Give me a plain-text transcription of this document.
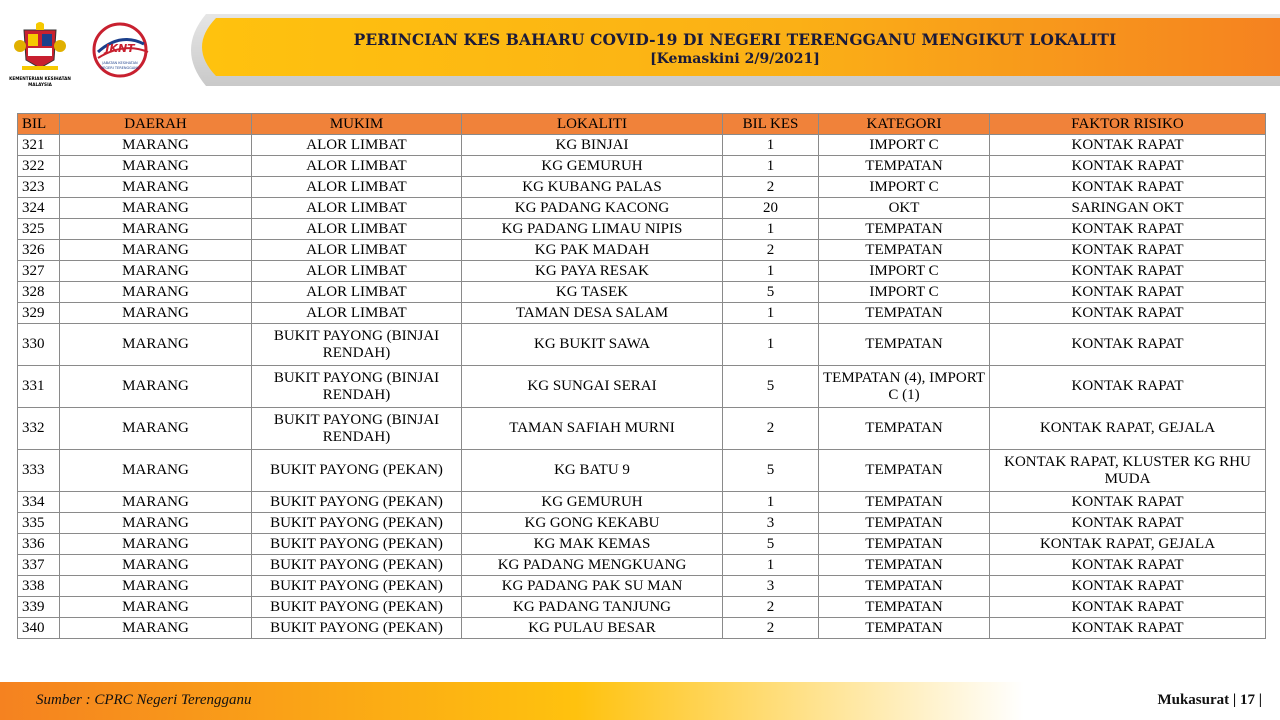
KEMENTERIAN KESIHATAN
MALAYSIA
JKNT
JABATAN KESIHATAN
NEGERI TERENGGANU
PERINCIAN KES BAHARU COVID-19 DI NEGERI TERENGGANU MENGIKUT LOKALITI
[Kemaskini 2/9/2021]
BIL	DAERAH	MUKIM	LOKALITI	BIL KES	KATEGORI	FAKTOR RISIKO
321	MARANG	ALOR LIMBAT	KG BINJAI	1	IMPORT C	KONTAK RAPAT
322	MARANG	ALOR LIMBAT	KG GEMURUH	1	TEMPATAN	KONTAK RAPAT
323	MARANG	ALOR LIMBAT	KG KUBANG PALAS	2	IMPORT C	KONTAK RAPAT
324	MARANG	ALOR LIMBAT	KG PADANG KACONG	20	OKT	SARINGAN OKT
325	MARANG	ALOR LIMBAT	KG PADANG LIMAU NIPIS	1	TEMPATAN	KONTAK RAPAT
326	MARANG	ALOR LIMBAT	KG PAK MADAH	2	TEMPATAN	KONTAK RAPAT
327	MARANG	ALOR LIMBAT	KG PAYA RESAK	1	IMPORT C	KONTAK RAPAT
328	MARANG	ALOR LIMBAT	KG TASEK	5	IMPORT C	KONTAK RAPAT
329	MARANG	ALOR LIMBAT	TAMAN DESA SALAM	1	TEMPATAN	KONTAK RAPAT
330	MARANG	BUKIT PAYONG (BINJAI RENDAH)	KG BUKIT SAWA	1	TEMPATAN	KONTAK RAPAT
331	MARANG	BUKIT PAYONG (BINJAI RENDAH)	KG SUNGAI SERAI	5	TEMPATAN (4), IMPORT C (1)	KONTAK RAPAT
332	MARANG	BUKIT PAYONG (BINJAI RENDAH)	TAMAN SAFIAH MURNI	2	TEMPATAN	KONTAK RAPAT, GEJALA
333	MARANG	BUKIT PAYONG (PEKAN)	KG BATU 9	5	TEMPATAN	KONTAK RAPAT, KLUSTER KG RHU MUDA
334	MARANG	BUKIT PAYONG (PEKAN)	KG GEMURUH	1	TEMPATAN	KONTAK RAPAT
335	MARANG	BUKIT PAYONG (PEKAN)	KG GONG KEKABU	3	TEMPATAN	KONTAK RAPAT
336	MARANG	BUKIT PAYONG (PEKAN)	KG MAK KEMAS	5	TEMPATAN	KONTAK RAPAT, GEJALA
337	MARANG	BUKIT PAYONG (PEKAN)	KG PADANG MENGKUANG	1	TEMPATAN	KONTAK RAPAT
338	MARANG	BUKIT PAYONG (PEKAN)	KG PADANG PAK SU MAN	3	TEMPATAN	KONTAK RAPAT
339	MARANG	BUKIT PAYONG (PEKAN)	KG PADANG TANJUNG	2	TEMPATAN	KONTAK RAPAT
340	MARANG	BUKIT PAYONG (PEKAN)	KG PULAU BESAR	2	TEMPATAN	KONTAK RAPAT
Sumber : CPRC Negeri Terengganu	Mukasurat | 17 |
